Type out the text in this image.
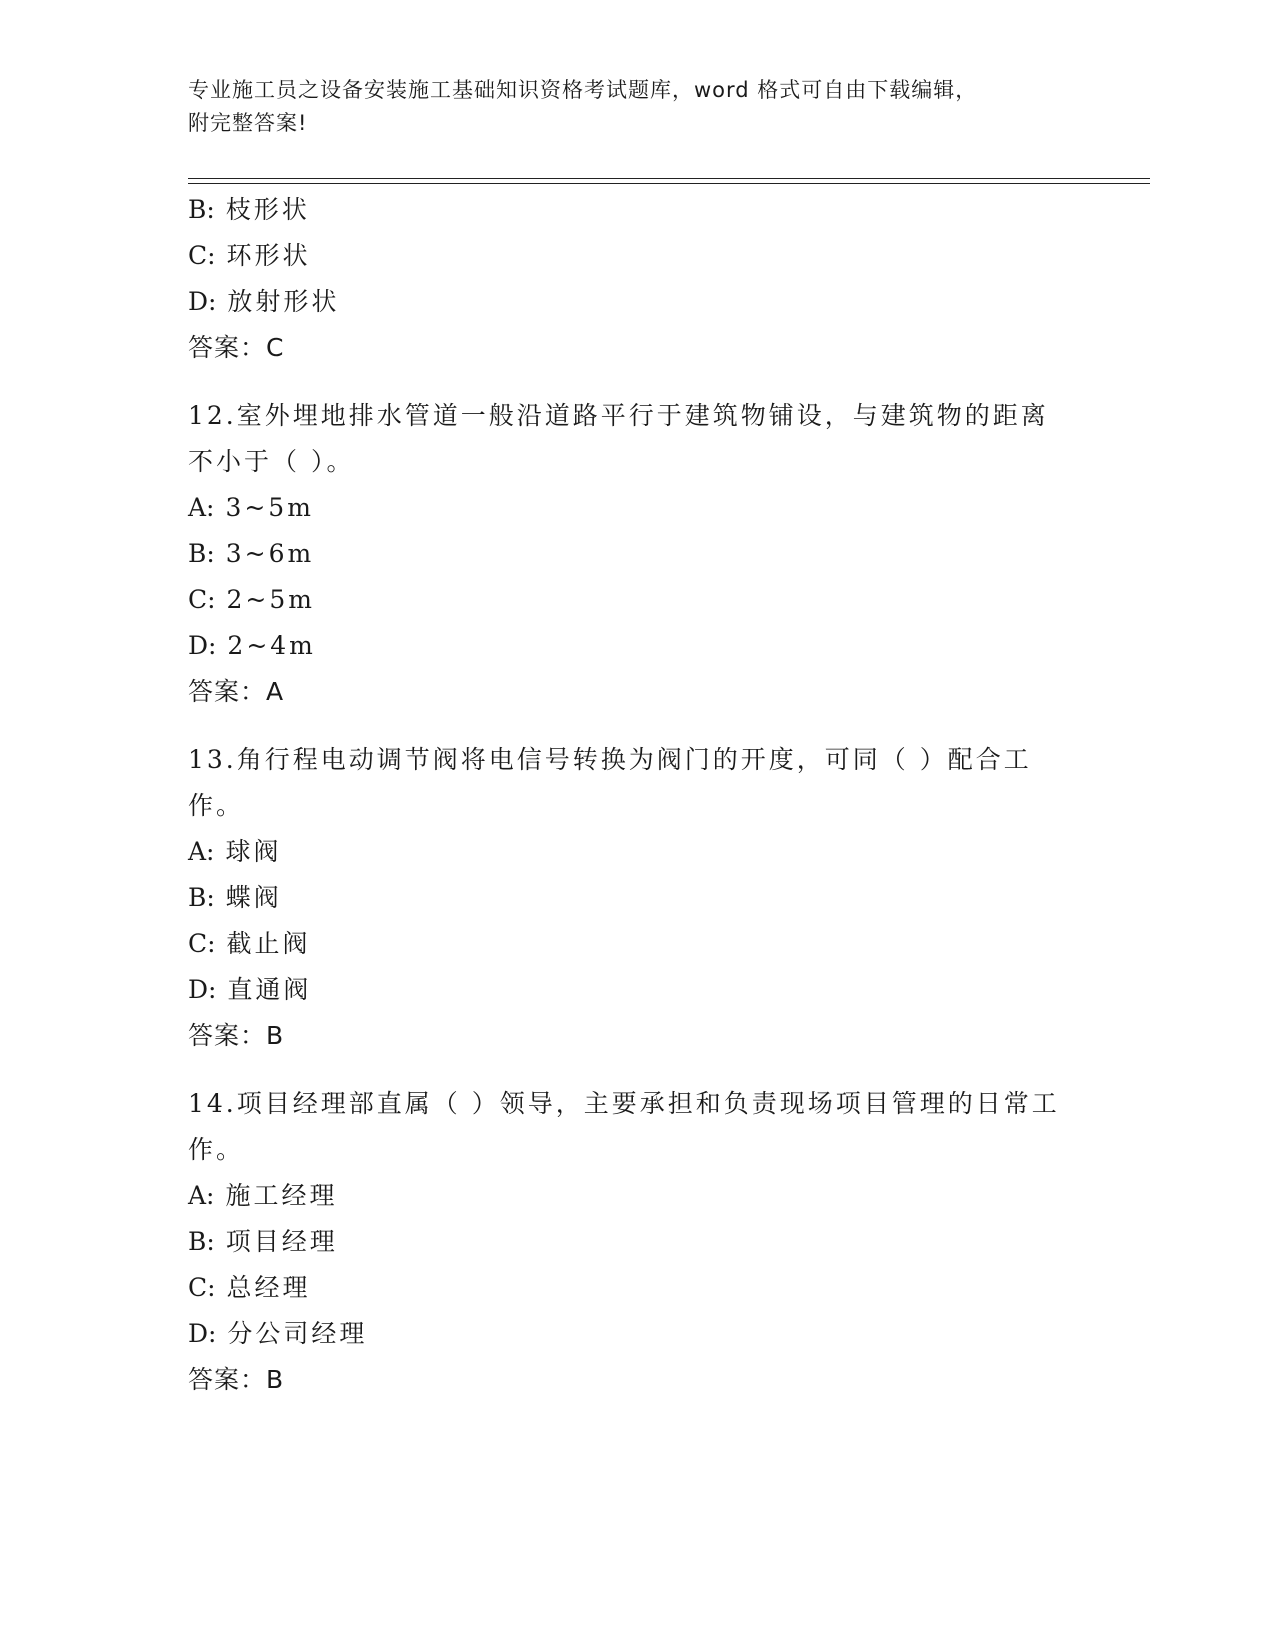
专业施工员之设备安装施工基础知识资格考试题库，word 格式可自由下载编辑，
附完整答案!
B: 枝形状
C: 环形状
D: 放射形状
答案：C
12.室外埋地排水管道一般沿道路平行于建筑物铺设，与建筑物的距离不小于（ ）。
A: 3~5m
B: 3~6m
C: 2~5m
D: 2~4m
答案：A
13.角行程电动调节阀将电信号转换为阀门的开度，可同（ ）配合工作。
A: 球阀
B: 蝶阀
C: 截止阀
D: 直通阀
答案：B
14.项目经理部直属（ ）领导，主要承担和负责现场项目管理的日常工作。
A: 施工经理
B: 项目经理
C: 总经理
D: 分公司经理
答案：B
